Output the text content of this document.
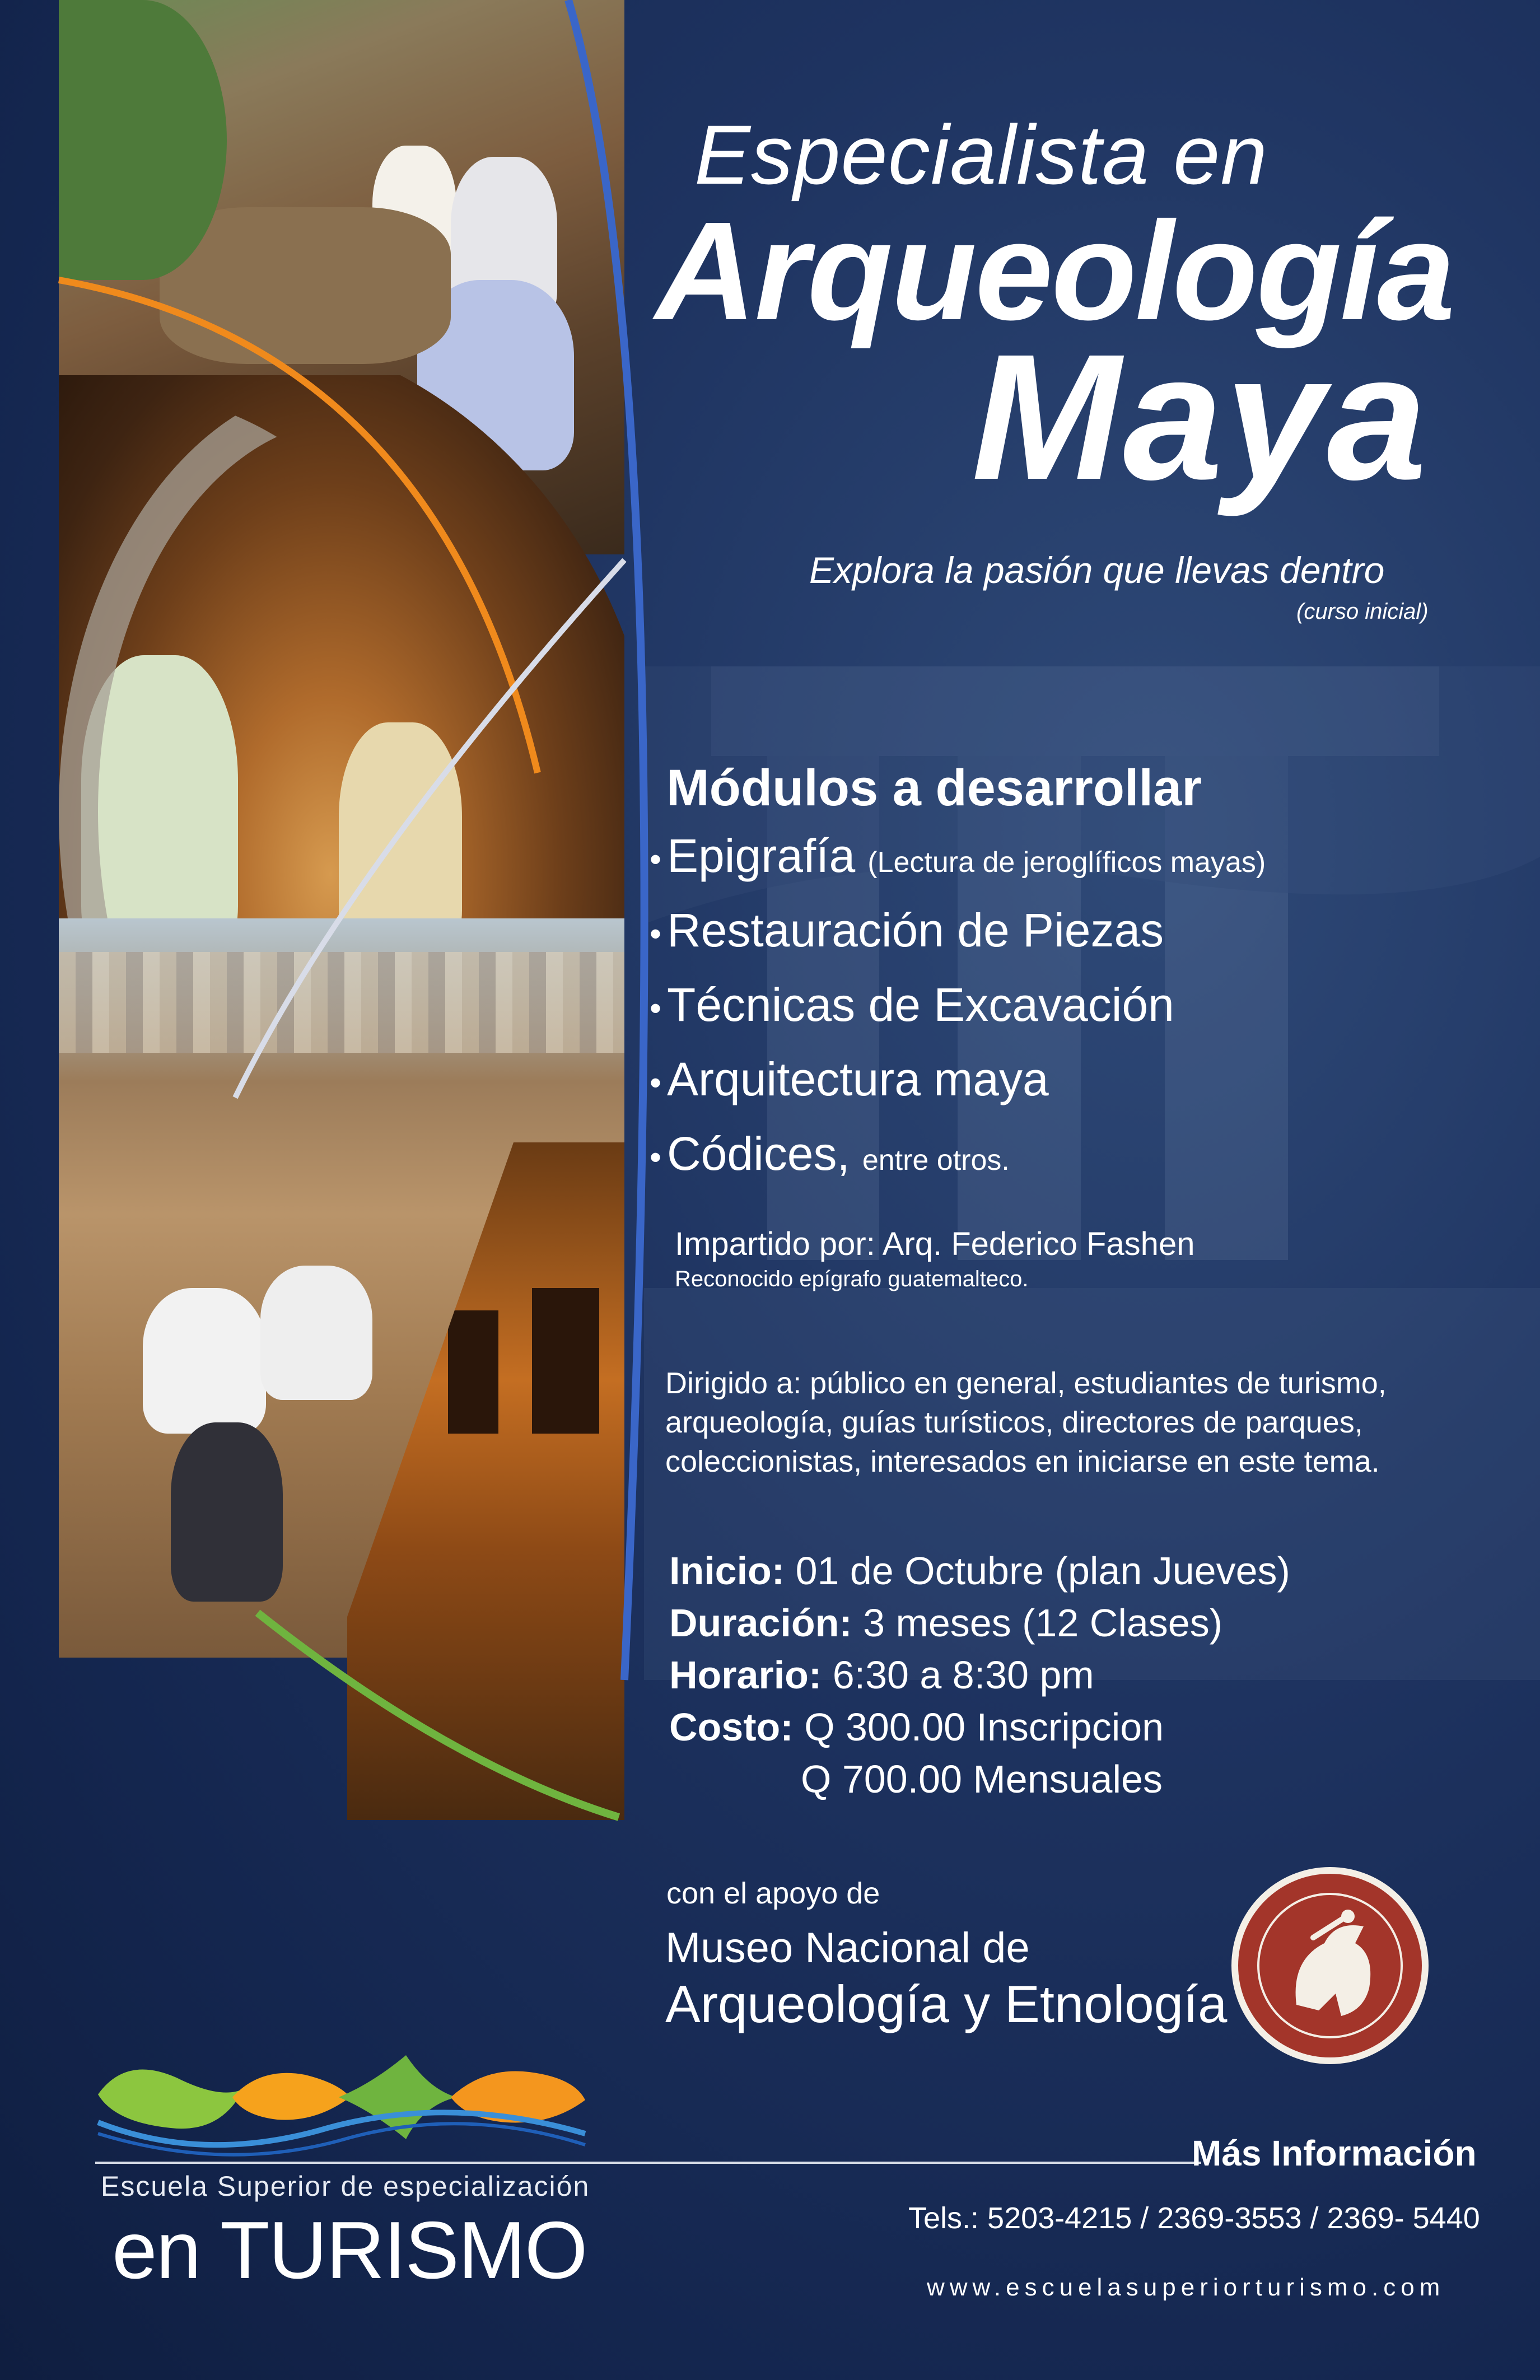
Especialista en
Arqueología
Maya
Explora la pasión que llevas dentro
(curso inicial)
Módulos a desarrollar
• Epigrafía (Lectura de jeroglíficos mayas)
• Restauración de Piezas
• Técnicas de Excavación
• Arquitectura maya
• Códices, entre otros.
Impartido por: Arq. Federico Fashen
Reconocido epígrafo guatemalteco.
Dirigido a: público en general, estudiantes de turismo, arqueología, guías turísticos, directores de parques, coleccionistas, interesados en iniciarse en este tema.
Inicio: 01 de Octubre (plan Jueves)
Duración: 3 meses (12 Clases)
Horario: 6:30 a 8:30 pm
Costo: Q 300.00 Inscripcion
Q 700.00 Mensuales
con el apoyo de
Museo Nacional de
Arqueología y Etnología
Escuela Superior de especialización
en TURISMO
Más Información
Tels.: 5203-4215 / 2369-3553 / 2369- 5440
www.escuelasuperiorturismo.com
